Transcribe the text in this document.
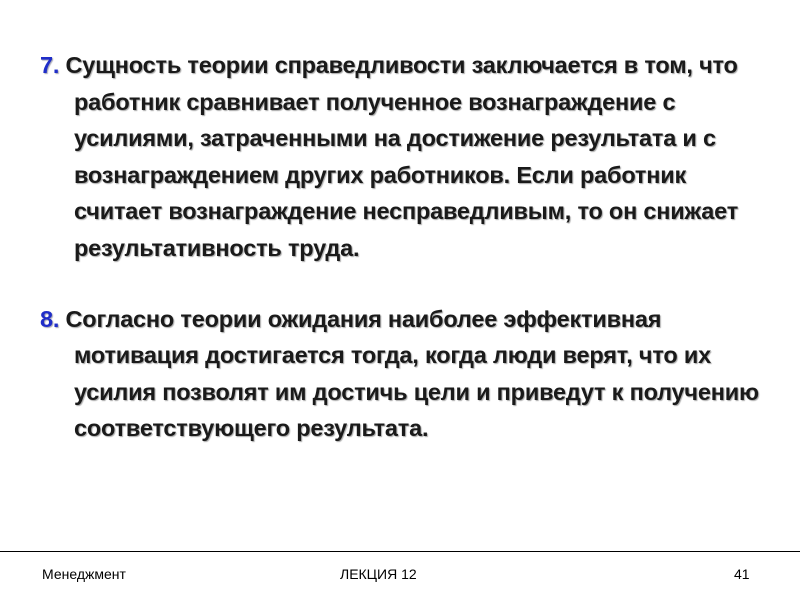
7. Сущность теории справедливости заключается в том, что работник сравнивает полученное вознаграждение с усилиями, затраченными на достижение результата и с вознаграждением других работников. Если работник считает вознаграждение несправедливым, то он снижает результативность труда.

8. Согласно теории ожидания наиболее эффективная мотивация достигается тогда, когда люди верят, что их усилия позволят им достичь цели и приведут к получению соответствующего результата.

Менеджмент	ЛЕКЦИЯ 12	41
